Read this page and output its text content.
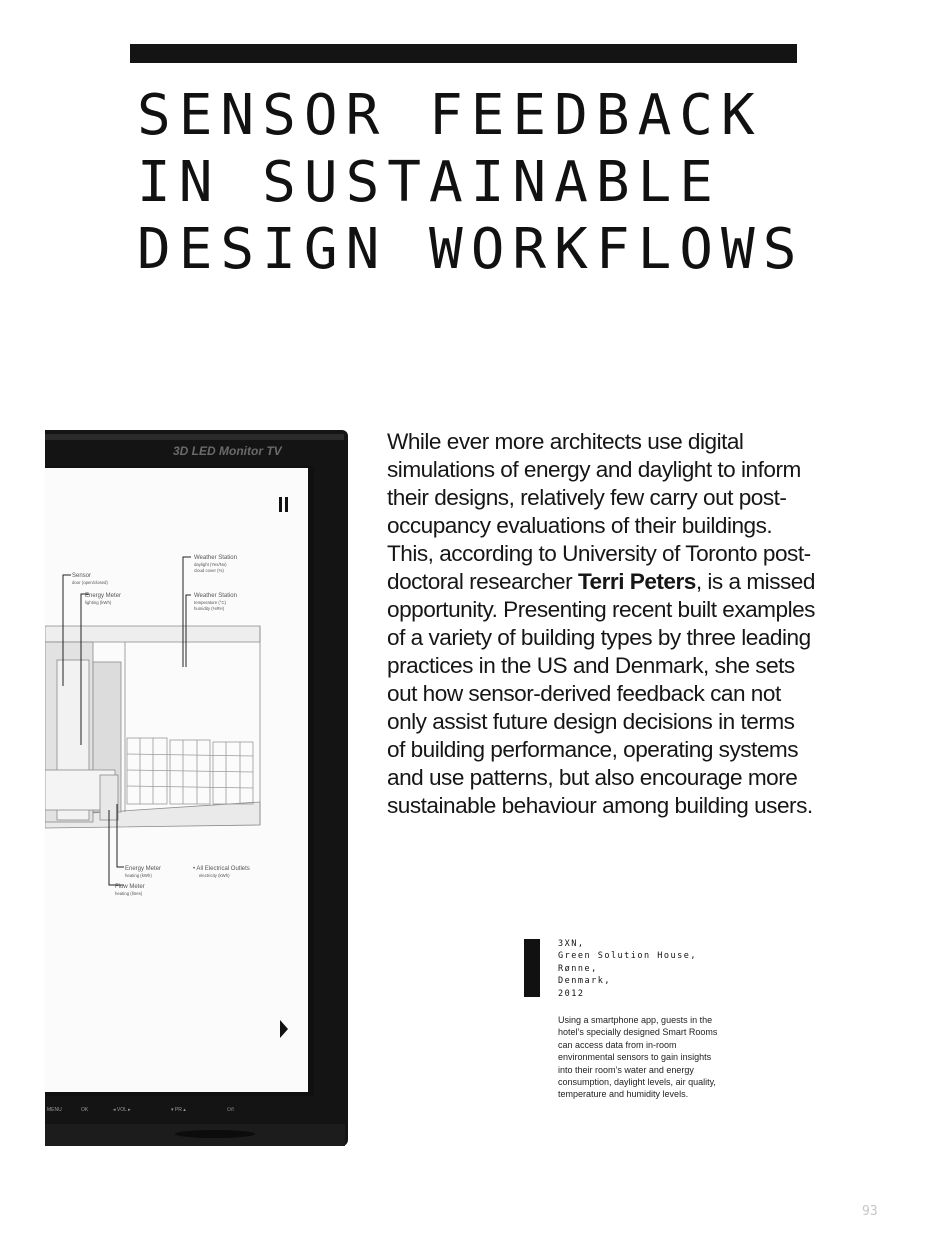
SENSOR FEEDBACK
IN SUSTAINABLE
DESIGN WORKFLOWS
3D LED Monitor TV
Weather Station
daylight (Yes/No)
cloud cover (%)
Sensor
door (open/closed)
Energy Meter
lighting (kWh)
Weather Station
temperature (°C)
humidity (%RH)
Energy Meter
heating (kWh)
Flow Meter
heating (litres)
• All Electrical Outlets
electricity (kWh)
MENU	OK	◂ VOL ▸	▾ PR ▴	⏻/I

While ever more architects use digital simulations of energy and daylight to inform their designs, relatively few carry out post-occupancy evaluations of their buildings. This, according to University of Toronto post-doctoral researcher Terri Peters, is a missed opportunity. Presenting recent built examples of a variety of building types by three leading practices in the US and Denmark, she sets out how sensor-derived feedback can not only assist future design decisions in terms of building performance, operating systems and use patterns, but also encourage more sustainable behaviour among building users.

3XN,
Green Solution House,
Rønne,
Denmark,
2012
Using a smartphone app, guests in the hotel’s specially designed Smart Rooms can access data from in-room environmental sensors to gain insights into their room’s water and energy consumption, daylight levels, air quality, temperature and humidity levels.
93
